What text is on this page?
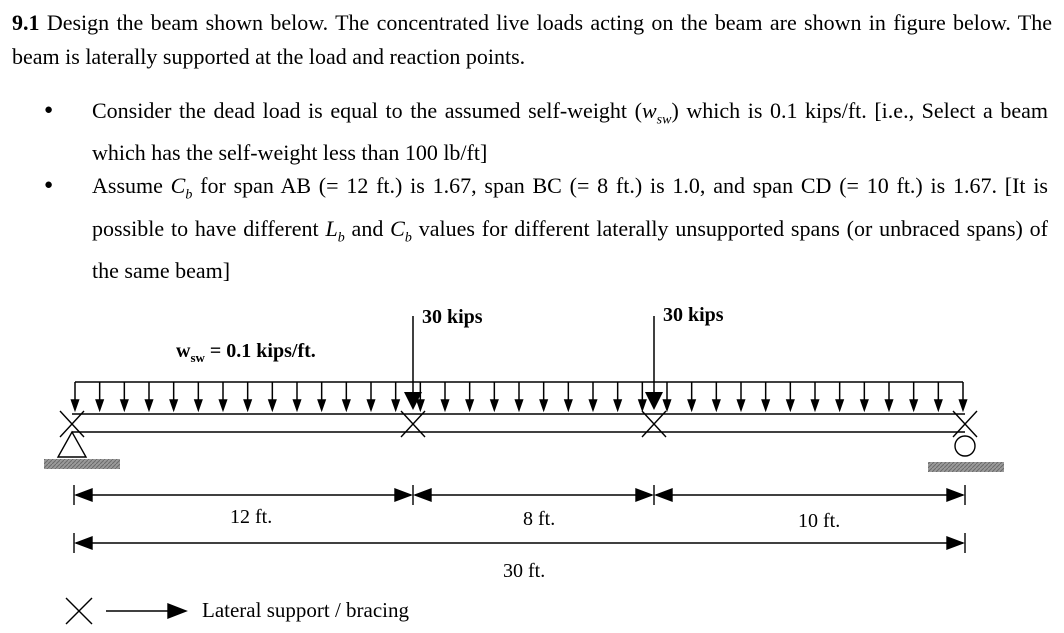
9.1 Design the beam shown below. The concentrated live loads acting on the beam are shown in figure below. The beam is laterally supported at the load and reaction points.
● Consider the dead load is equal to the assumed self-weight $(w_{sw})$ which is 0.1 kips/ft. [i.e., Select a beam which has the self-weight less than 100 lb/ft]
● Assume $C_b$ for span AB (= 12 ft.) is 1.67, span BC (= 8 ft.) is 1.0, and span CD (= 10 ft.) is 1.67. [It is possible to have different $L_b$ and $C_b$ values for different laterally unsupported spans (or unbraced spans) of the same beam]
30 kips	30 kips
$w_{sw} = 0.1$ kips/ft.
12 ft.	8 ft.	10 ft.
30 ft.
Lateral support / bracing
